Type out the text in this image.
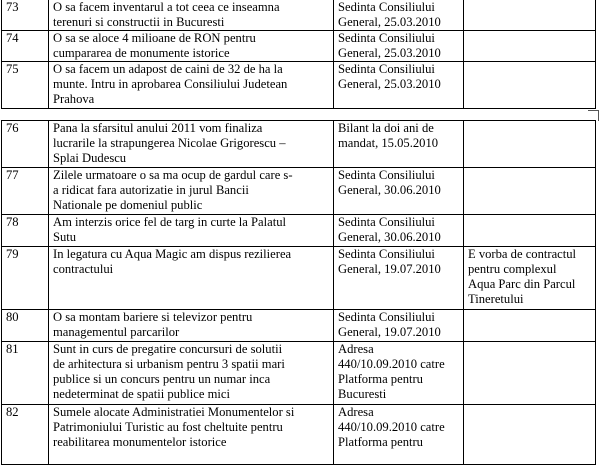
73	O sa facem inventarul a tot ceea ce inseamna
terenuri si constructii in Bucuresti	Sedinta Consiliului
General, 25.03.2010	
74	O sa se aloce 4 milioane de RON pentru
cumpararea de monumente istorice	Sedinta Consiliului
General, 25.03.2010	
75	O sa facem un adapost de caini de 32 de ha la
munte. Intru in aprobarea Consiliului Judetean
Prahova	Sedinta Consiliului
General, 25.03.2010	
76	Pana la sfarsitul anului 2011 vom finaliza
lucrarile la strapungerea Nicolae Grigorescu –
Splai Dudescu	Bilant la doi ani de
mandat, 15.05.2010	
77	Zilele urmatoare o sa ma ocup de gardul care s-
a ridicat fara autorizatie in jurul Bancii
Nationale pe domeniul public	Sedinta Consiliului
General, 30.06.2010	
78	Am interzis orice fel de targ in curte la Palatul
Sutu	Sedinta Consiliului
General, 30.06.2010	
79	In legatura cu Aqua Magic am dispus rezilierea
contractului	Sedinta Consiliului
General, 19.07.2010	E vorba de contractul
pentru complexul
Aqua Parc din Parcul
Tineretului
80	O sa montam bariere si televizor pentru
managementul parcarilor	Sedinta Consiliului
General, 19.07.2010	
81	Sunt in curs de pregatire concursuri de solutii
de arhitectura si urbanism pentru 3 spatii mari
publice si un concurs pentru un numar inca
nedeterminat de spatii publice mici	Adresa
440/10.09.2010 catre
Platforma pentru
Bucuresti	
82	Sumele alocate Administratiei Monumentelor si
Patrimoniului Turistic au fost cheltuite pentru
reabilitarea monumentelor istorice	Adresa
440/10.09.2010 catre
Platforma pentru	
